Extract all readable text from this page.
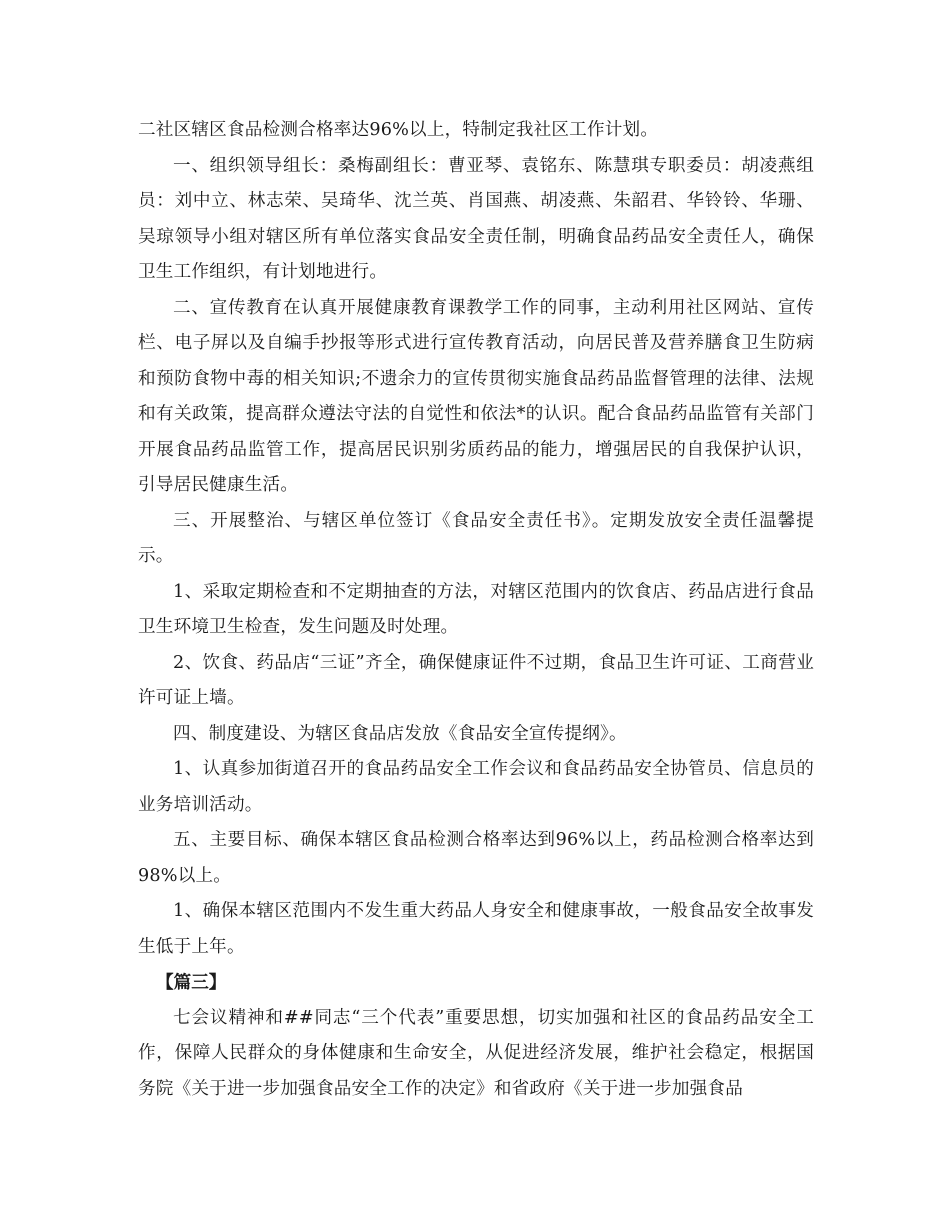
二社区辖区食品检测合格率达96%以上，特制定我社区工作计划。

一、组织领导组长：桑梅副组长：曹亚琴、袁铭东、陈慧琪专职委员：胡凌燕组员：刘中立、林志荣、吴琦华、沈兰英、肖国燕、胡凌燕、朱韶君、华铃铃、华珊、吴琼领导小组对辖区所有单位落实食品安全责任制，明确食品药品安全责任人，确保卫生工作组织，有计划地进行。

二、宣传教育在认真开展健康教育课教学工作的同事，主动利用社区网站、宣传栏、电子屏以及自编手抄报等形式进行宣传教育活动，向居民普及营养膳食卫生防病和预防食物中毒的相关知识;不遗余力的宣传贯彻实施食品药品监督管理的法律、法规和有关政策，提高群众遵法守法的自觉性和依法*的认识。配合食品药品监管有关部门开展食品药品监管工作，提高居民识别劣质药品的能力，增强居民的自我保护认识，引导居民健康生活。

三、开展整治、与辖区单位签订《食品安全责任书》。定期发放安全责任温馨提示。

1、采取定期检查和不定期抽查的方法，对辖区范围内的饮食店、药品店进行食品卫生环境卫生检查，发生问题及时处理。

2、饮食、药品店“三证”齐全，确保健康证件不过期，食品卫生许可证、工商营业许可证上墙。

四、制度建设、为辖区食品店发放《食品安全宣传提纲》。

1、认真参加街道召开的食品药品安全工作会议和食品药品安全协管员、信息员的业务培训活动。

五、主要目标、确保本辖区食品检测合格率达到96%以上，药品检测合格率达到98%以上。

1、确保本辖区范围内不发生重大药品人身安全和健康事故，一般食品安全故事发生低于上年。

【篇三】

七会议精神和##同志“三个代表”重要思想，切实加强和社区的食品药品安全工作，保障人民群众的身体健康和生命安全，从促进经济发展，维护社会稳定，根据国务院《关于进一步加强食品安全工作的决定》和省政府《关于进一步加强食品
